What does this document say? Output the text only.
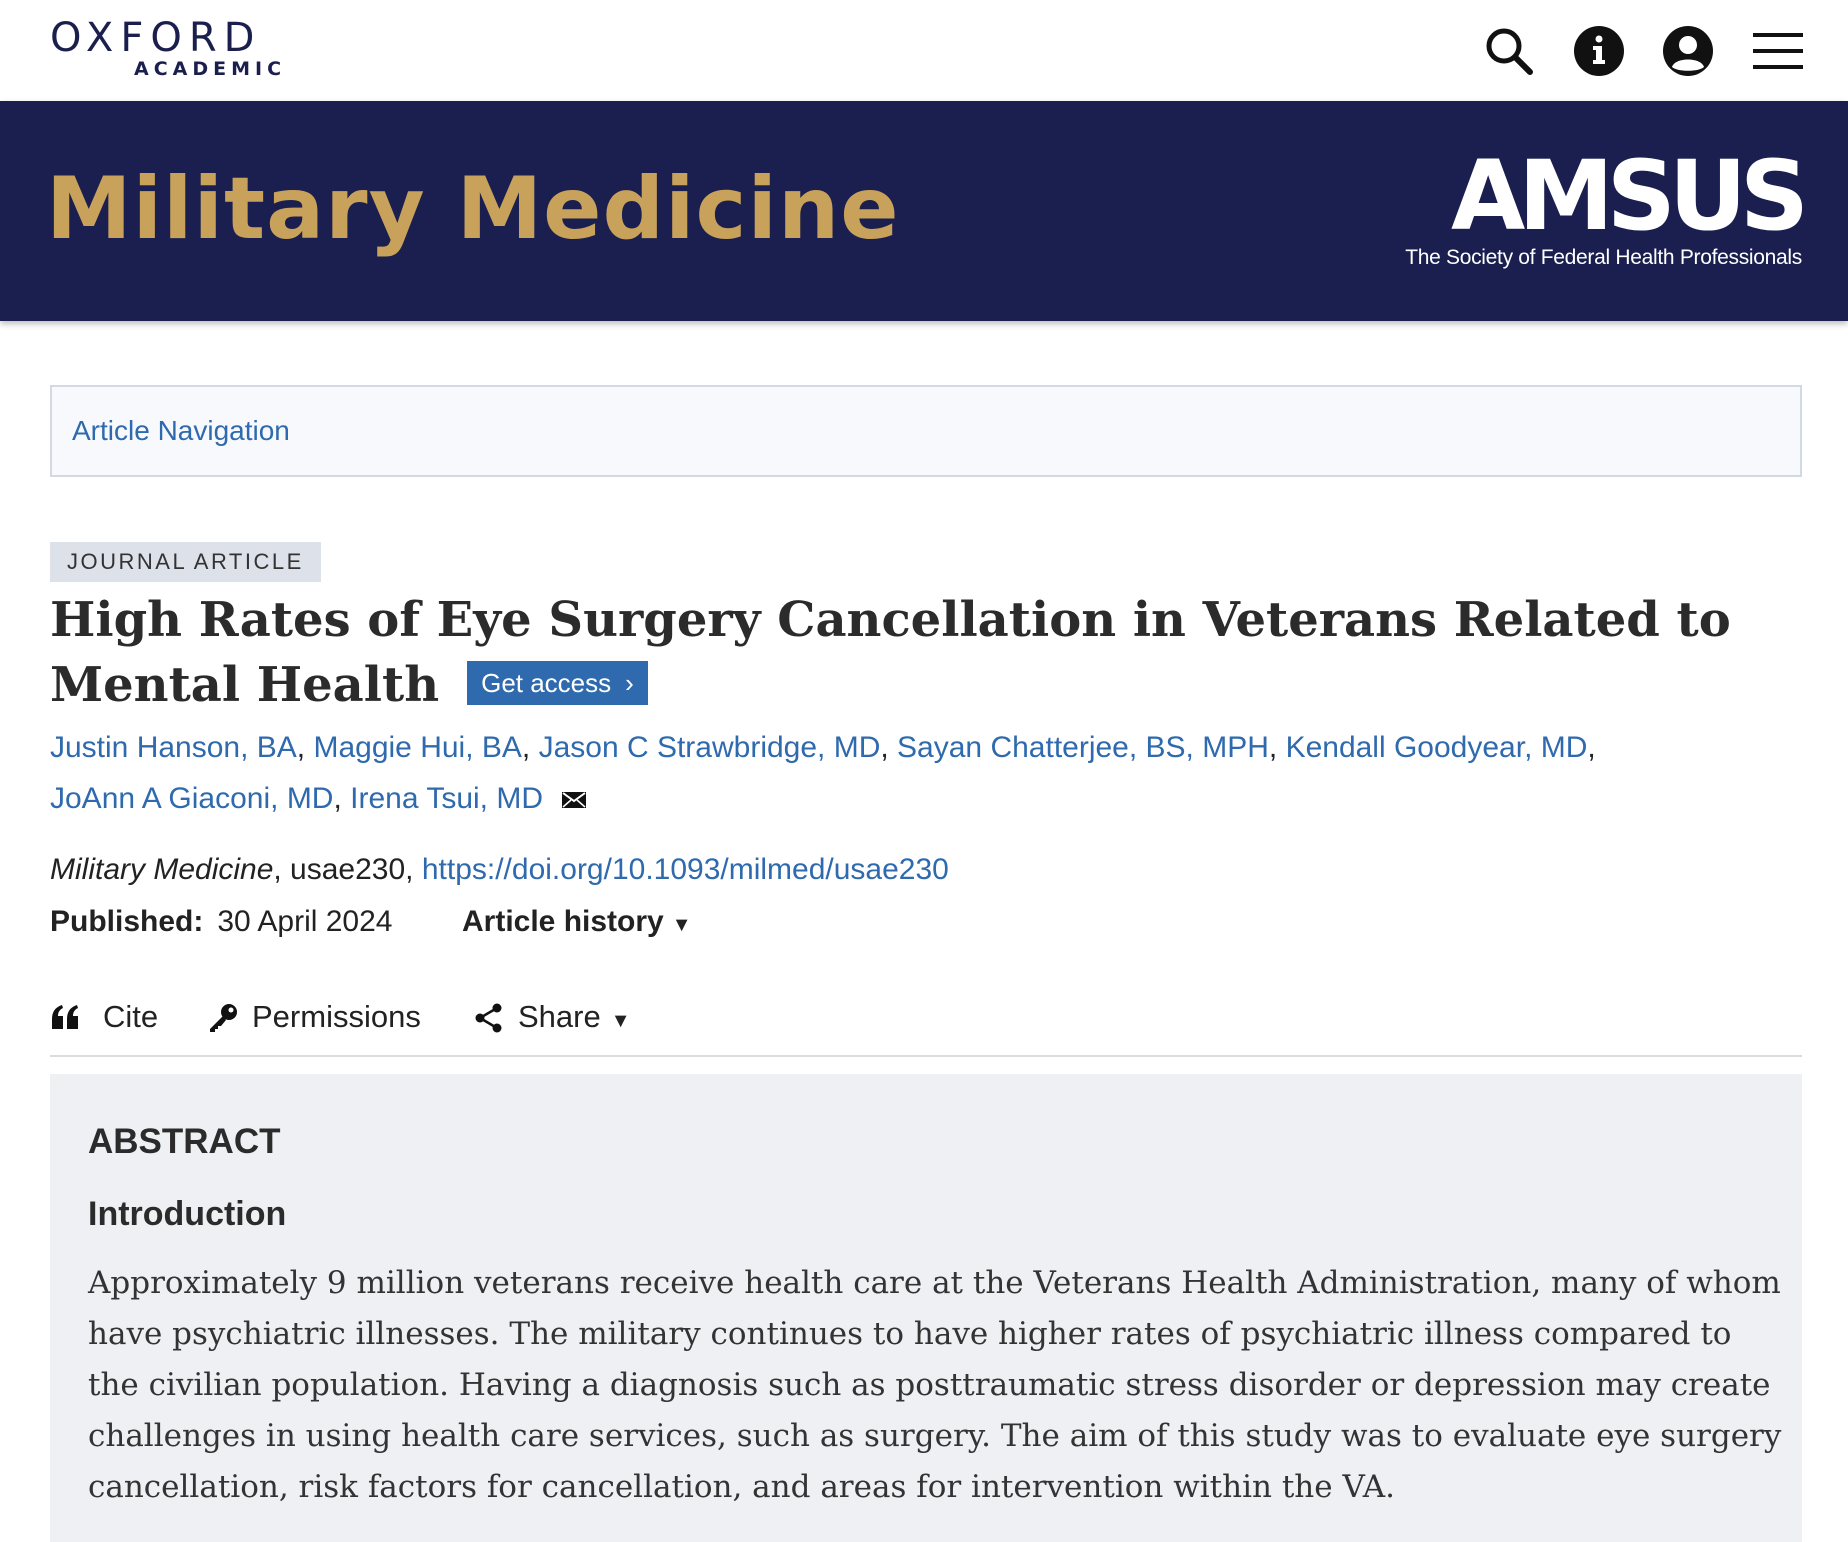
OXFORD
ACADEMIC
Military Medicine	AMSUS
The Society of Federal Health Professionals
Article Navigation
JOURNAL ARTICLE
High Rates of Eye Surgery Cancellation in Veterans Related to Mental Health Get access ›
Justin Hanson, BA, Maggie Hui, BA, Jason C Strawbridge, MD, Sayan Chatterjee, BS, MPH, Kendall Goodyear, MD,
JoAnn A Giaconi, MD, Irena Tsui, MD
Military Medicine, usae230, https://doi.org/10.1093/milmed/usae230
Published: 30 April 2024 Article history ▼
Cite	Permissions	Share ▼
ABSTRACT
Introduction
Approximately 9 million veterans receive health care at the Veterans Health Administration, many of whom have psychiatric illnesses. The military continues to have higher rates of psychiatric illness compared to the civilian population. Having a diagnosis such as posttraumatic stress disorder or depression may create challenges in using health care services, such as surgery. The aim of this study was to evaluate eye surgery cancellation, risk factors for cancellation, and areas for intervention within the VA.
